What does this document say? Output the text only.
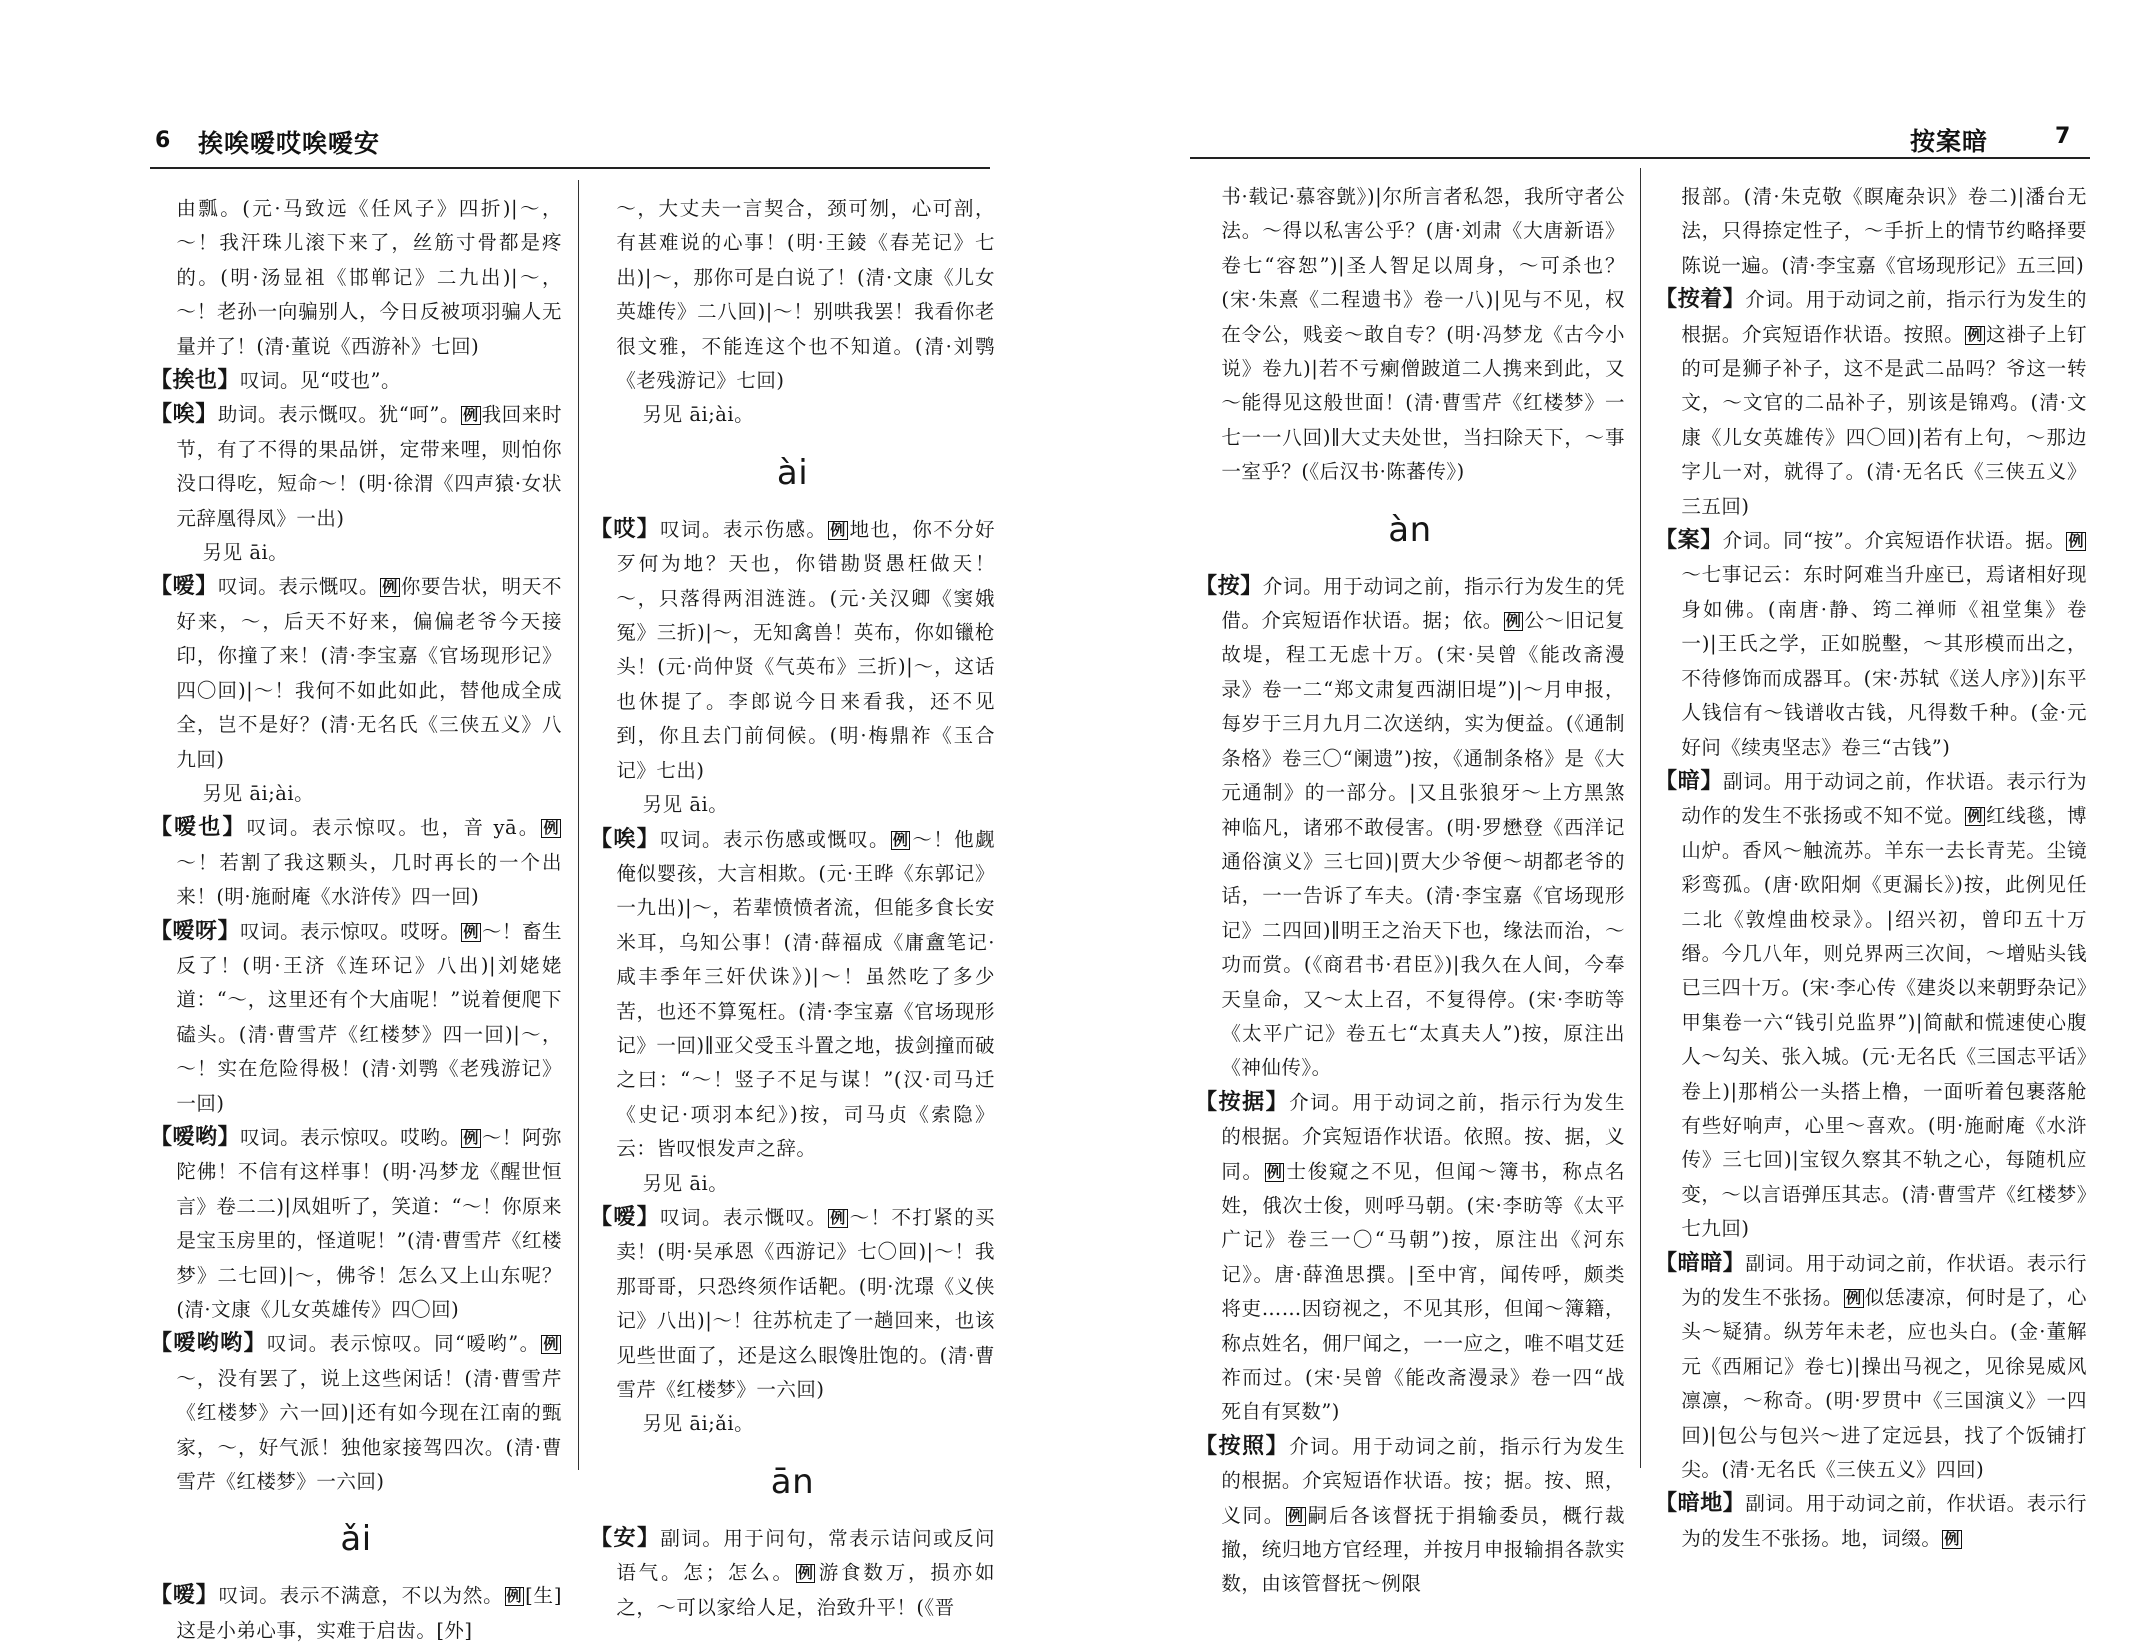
6 挨唉嗳哎唉嗳安

由瓢。(元·马致远《任风子》四折)|～，～！我汗珠儿滚下来了，丝筋寸骨都是疼的。(明·汤显祖《邯郸记》二九出)|～，～！老孙一向骗别人，今日反被项羽骗人无量并了！(清·董说《西游补》七回)

【挨也】叹词。见“哎也”。

【唉】助词。表示慨叹。犹“呵”。 例 我回来时节，有了不得的果品饼，定带来哩，则怕你没口得吃，短命～！(明·徐渭《四声猿·女状元辞凰得凤》一出)

另见 āi。

【嗳】叹词。表示慨叹。 例 你要告状，明天不好来，～，后天不好来，偏偏老爷今天接印，你撞了来！(清·李宝嘉《官场现形记》四〇回)|～！我何不如此如此，替他成全成全，岂不是好？(清·无名氏《三侠五义》八九回)

另见 āi;ài。

【嗳也】叹词。表示惊叹。也，音 yā。 例～！若割了我这颗头，几时再长的一个出来！(明·施耐庵《水浒传》四一回)

【嗳呀】叹词。表示惊叹。哎呀。 例 ～！畜生反了！(明·王济《连环记》八出)|刘姥姥道：“～，这里还有个大庙呢！”说着便爬下磕头。(清·曹雪芹《红楼梦》四一回)|～，～！实在危险得极！(清·刘鹗《老残游记》一回)

【嗳哟】叹词。表示惊叹。哎哟。 例 ～！阿弥陀佛！不信有这样事！(明·冯梦龙《醒世恒言》卷二二)|凤姐听了，笑道：“～！你原来是宝玉房里的，怪道呢！”(清·曹雪芹《红楼梦》二七回)|～，佛爷！怎么又上山东呢？(清·文康《儿女英雄传》四〇回)

【嗳哟哟】叹词。表示惊叹。同“嗳哟”。 例～，没有罢了，说上这些闲话！(清·曹雪芹《红楼梦》六一回)|还有如今现在江南的甄家，～，好气派！独他家接驾四次。(清·曹雪芹《红楼梦》一六回)

ǎi

【嗳】叹词。表示不满意，不以为然。 例 [生]这是小弟心事，实难于启齿。[外]

～，大丈夫一言契合，颈可刎，心可剖，有甚难说的心事！(明·王錂《春芜记》七出)|～，那你可是白说了！(清·文康《儿女英雄传》二八回)|～！别哄我罢！我看你老很文雅，不能连这个也不知道。(清·刘鹗《老残游记》七回)

另见 āi;ài。

ài

【哎】叹词。表示伤感。 例 地也，你不分好歹何为地？天也，你错勘贤愚枉做天！～，只落得两泪涟涟。(元·关汉卿《窦娥冤》三折)|～，无知禽兽！英布，你如镴枪头！(元·尚仲贤《气英布》三折)|～，这话也休提了。李郎说今日来看我，还不见到，你且去门前伺候。(明·梅鼎祚《玉合记》七出)

另见 āi。

【唉】叹词。表示伤感或慨叹。 例 ～！他觑俺似婴孩，大言相欺。(元·王晔《东郭记》一九出)|～，若辈愤愤者流，但能多食长安米耳，乌知公事！(清·薛福成《庸盦笔记·咸丰季年三奸伏诛》)|～！虽然吃了多少苦，也还不算冤枉。(清·李宝嘉《官场现形记》一回)∥亚父受玉斗置之地，拔剑撞而破之曰：“～！竖子不足与谋！”(汉·司马迁《史记·项羽本纪》)按，司马贞《索隐》云：皆叹恨发声之辞。

另见 āi。

【嗳】叹词。表示慨叹。 例 ～！不打紧的买卖！(明·吴承恩《西游记》七〇回)|～！我那哥哥，只恐终须作话靶。(明·沈璟《义侠记》八出)|～！往苏杭走了一趟回来，也该见些世面了，还是这么眼馋肚饱的。(清·曹雪芹《红楼梦》一六回)

另见 āi;ǎi。

ān

【安】副词。用于问句，常表示诘问或反问语气。怎；怎么。 例 游食数万，损亦如之，～可以家给人足，治致升平！(《晋

按案暗	7

书·载记·慕容皝》)|尔所言者私怨，我所守者公法。～得以私害公乎？(唐·刘肃《大唐新语》卷七“容恕”)|圣人智足以周身，～可杀也？(宋·朱熹《二程遗书》卷一八)|见与不见，权在令公，贱妾～敢自专？(明·冯梦龙《古今小说》卷九)|若不亏瘌僧跛道二人携来到此，又～能得见这般世面！(清·曹雪芹《红楼梦》一七一一八回)∥大丈夫处世，当扫除天下，～事一室乎？(《后汉书·陈蕃传》)

àn

【按】介词。用于动词之前，指示行为发生的凭借。介宾短语作状语。据；依。 例 公～旧记复故堤，程工无虑十万。(宋·吴曾《能改斋漫录》卷一二“郑文肃复西湖旧堤”)|～月申报，每岁于三月九月二次送纳，实为便益。(《通制条格》卷三〇“阑遗”)按，《通制条格》是《大元通制》的一部分。|又且张狼牙～上方黑煞神临凡，诸邪不敢侵害。(明·罗懋登《西洋记通俗演义》三七回)|贾大少爷便～胡都老爷的话，一一告诉了车夫。(清·李宝嘉《官场现形记》二四回)∥明王之治天下也，缘法而治，～功而赏。(《商君书·君臣》)|我久在人间，今奉天皇命，又～太上召，不复得停。(宋·李昉等《太平广记》卷五七“太真夫人”)按，原注出《神仙传》。

【按据】介词。用于动词之前，指示行为发生的根据。介宾短语作状语。依照。按、据，义同。 例 士俊窥之不见，但闻～簿书，称点名姓，俄次士俊，则呼马朝。(宋·李昉等《太平广记》卷三一〇“马朝”)按，原注出《河东记》。唐·薛渔思撰。|至中宵，闻传呼，颇类将吏……因窃视之，不见其形，但闻～簿籍，称点姓名，佣尸闻之，一一应之，唯不唱艾廷祚而过。(宋·吴曾《能改斋漫录》卷一四“战死自有冥数”)

【按照】介词。用于动词之前，指示行为发生的根据。介宾短语作状语。按；据。按、照，义同。 例 嗣后各该督抚于捐输委员，概行裁撤，统归地方官经理，并按月申报输捐各款实数，由该管督抚～例限

报部。(清·朱克敬《瞑庵杂识》卷二)|潘台无法，只得捺定性子，～手折上的情节约略择要陈说一遍。(清·李宝嘉《官场现形记》五三回)

【按着】介词。用于动词之前，指示行为发生的根据。介宾短语作状语。按照。 例 这褂子上钉的可是狮子补子，这不是武二品吗？爷这一转文，～文官的二品补子，别该是锦鸡。(清·文康《儿女英雄传》四〇回)|若有上句，～那边字儿一对，就得了。(清·无名氏《三侠五义》三五回)

【案】介词。同“按”。介宾短语作状语。据。 例～七事记云：东时阿难当升座已，焉诸相好现身如佛。(南唐·静、筠二禅师《祖堂集》卷一)|王氏之学，正如脱墼，～其形模而出之，不待修饰而成器耳。(宋·苏轼《送人序》)|东平人钱信有～钱谱收古钱，凡得数千种。(金·元好问《续夷坚志》卷三“古钱”)

【暗】副词。用于动词之前，作状语。表示行为动作的发生不张扬或不知不觉。 例 红线毯，博山炉。香风～触流苏。羊东一去长青芜。尘镜彩鸾孤。(唐·欧阳炯《更漏长》)按，此例见任二北《敦煌曲校录》。|绍兴初，曾印五十万缗。今几八年，则兑界两三次间，～增贴头钱已三四十万。(宋·李心传《建炎以来朝野杂记》甲集卷一六“钱引兑监界”)|简献和慌速使心腹人～勾关、张入城。(元·无名氏《三国志平话》卷上)|那梢公一头搭上橹，一面听着包裹落舱有些好响声，心里～喜欢。(明·施耐庵《水浒传》三七回)|宝钗久察其不轨之心，每随机应变，～以言语弹压其志。(清·曹雪芹《红楼梦》七九回)

【暗暗】副词。用于动词之前，作状语。表示行为的发生不张扬。 例 似恁凄凉，何时是了，心头～疑猜。纵芳年未老，应也头白。(金·董解元《西厢记》卷七)|操出马视之，见徐晃威风凛凛，～称奇。(明·罗贯中《三国演义》一四回)|包公与包兴～进了定远县，找了个饭铺打尖。(清·无名氏《三侠五义》四回)

【暗地】副词。用于动词之前，作状语。表示行为的发生不张扬。地，词缀。 例
